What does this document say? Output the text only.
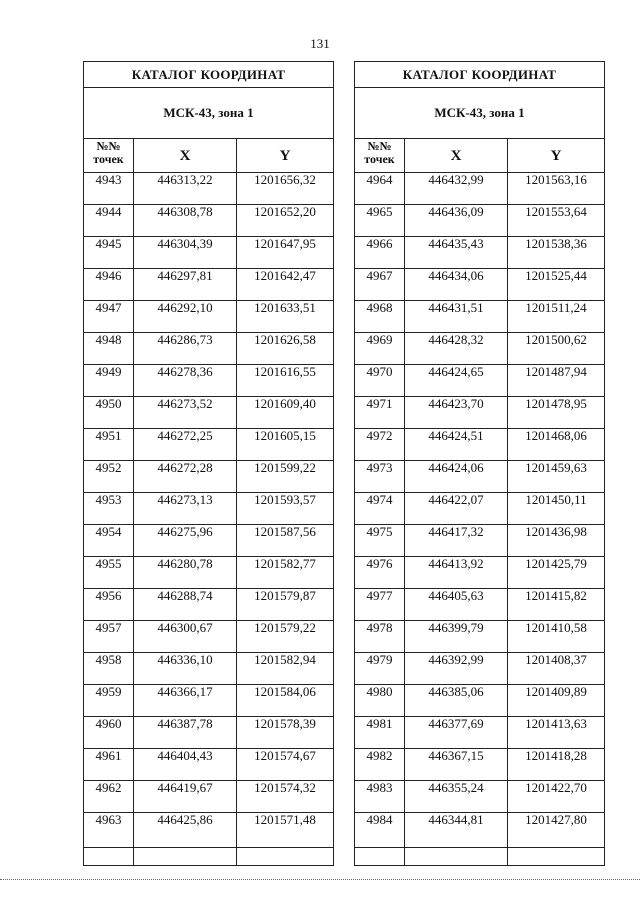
131
КАТАЛОГ КООРДИНАТ		
МСК-43, зона 1		
№№
точек	X	Y
4943	446313,22	1201656,32
4944	446308,78	1201652,20
4945	446304,39	1201647,95
4946	446297,81	1201642,47
4947	446292,10	1201633,51
4948	446286,73	1201626,58
4949	446278,36	1201616,55
4950	446273,52	1201609,40
4951	446272,25	1201605,15
4952	446272,28	1201599,22
4953	446273,13	1201593,57
4954	446275,96	1201587,56
4955	446280,78	1201582,77
4956	446288,74	1201579,87
4957	446300,67	1201579,22
4958	446336,10	1201582,94
4959	446366,17	1201584,06
4960	446387,78	1201578,39
4961	446404,43	1201574,67
4962	446419,67	1201574,32
4963	446425,86	1201571,48

КАТАЛОГ КООРДИНАТ		
МСК-43, зона 1		
№№
точек	X	Y
4964	446432,99	1201563,16
4965	446436,09	1201553,64
4966	446435,43	1201538,36
4967	446434,06	1201525,44
4968	446431,51	1201511,24
4969	446428,32	1201500,62
4970	446424,65	1201487,94
4971	446423,70	1201478,95
4972	446424,51	1201468,06
4973	446424,06	1201459,63
4974	446422,07	1201450,11
4975	446417,32	1201436,98
4976	446413,92	1201425,79
4977	446405,63	1201415,82
4978	446399,79	1201410,58
4979	446392,99	1201408,37
4980	446385,06	1201409,89
4981	446377,69	1201413,63
4982	446367,15	1201418,28
4983	446355,24	1201422,70
4984	446344,81	1201427,80
